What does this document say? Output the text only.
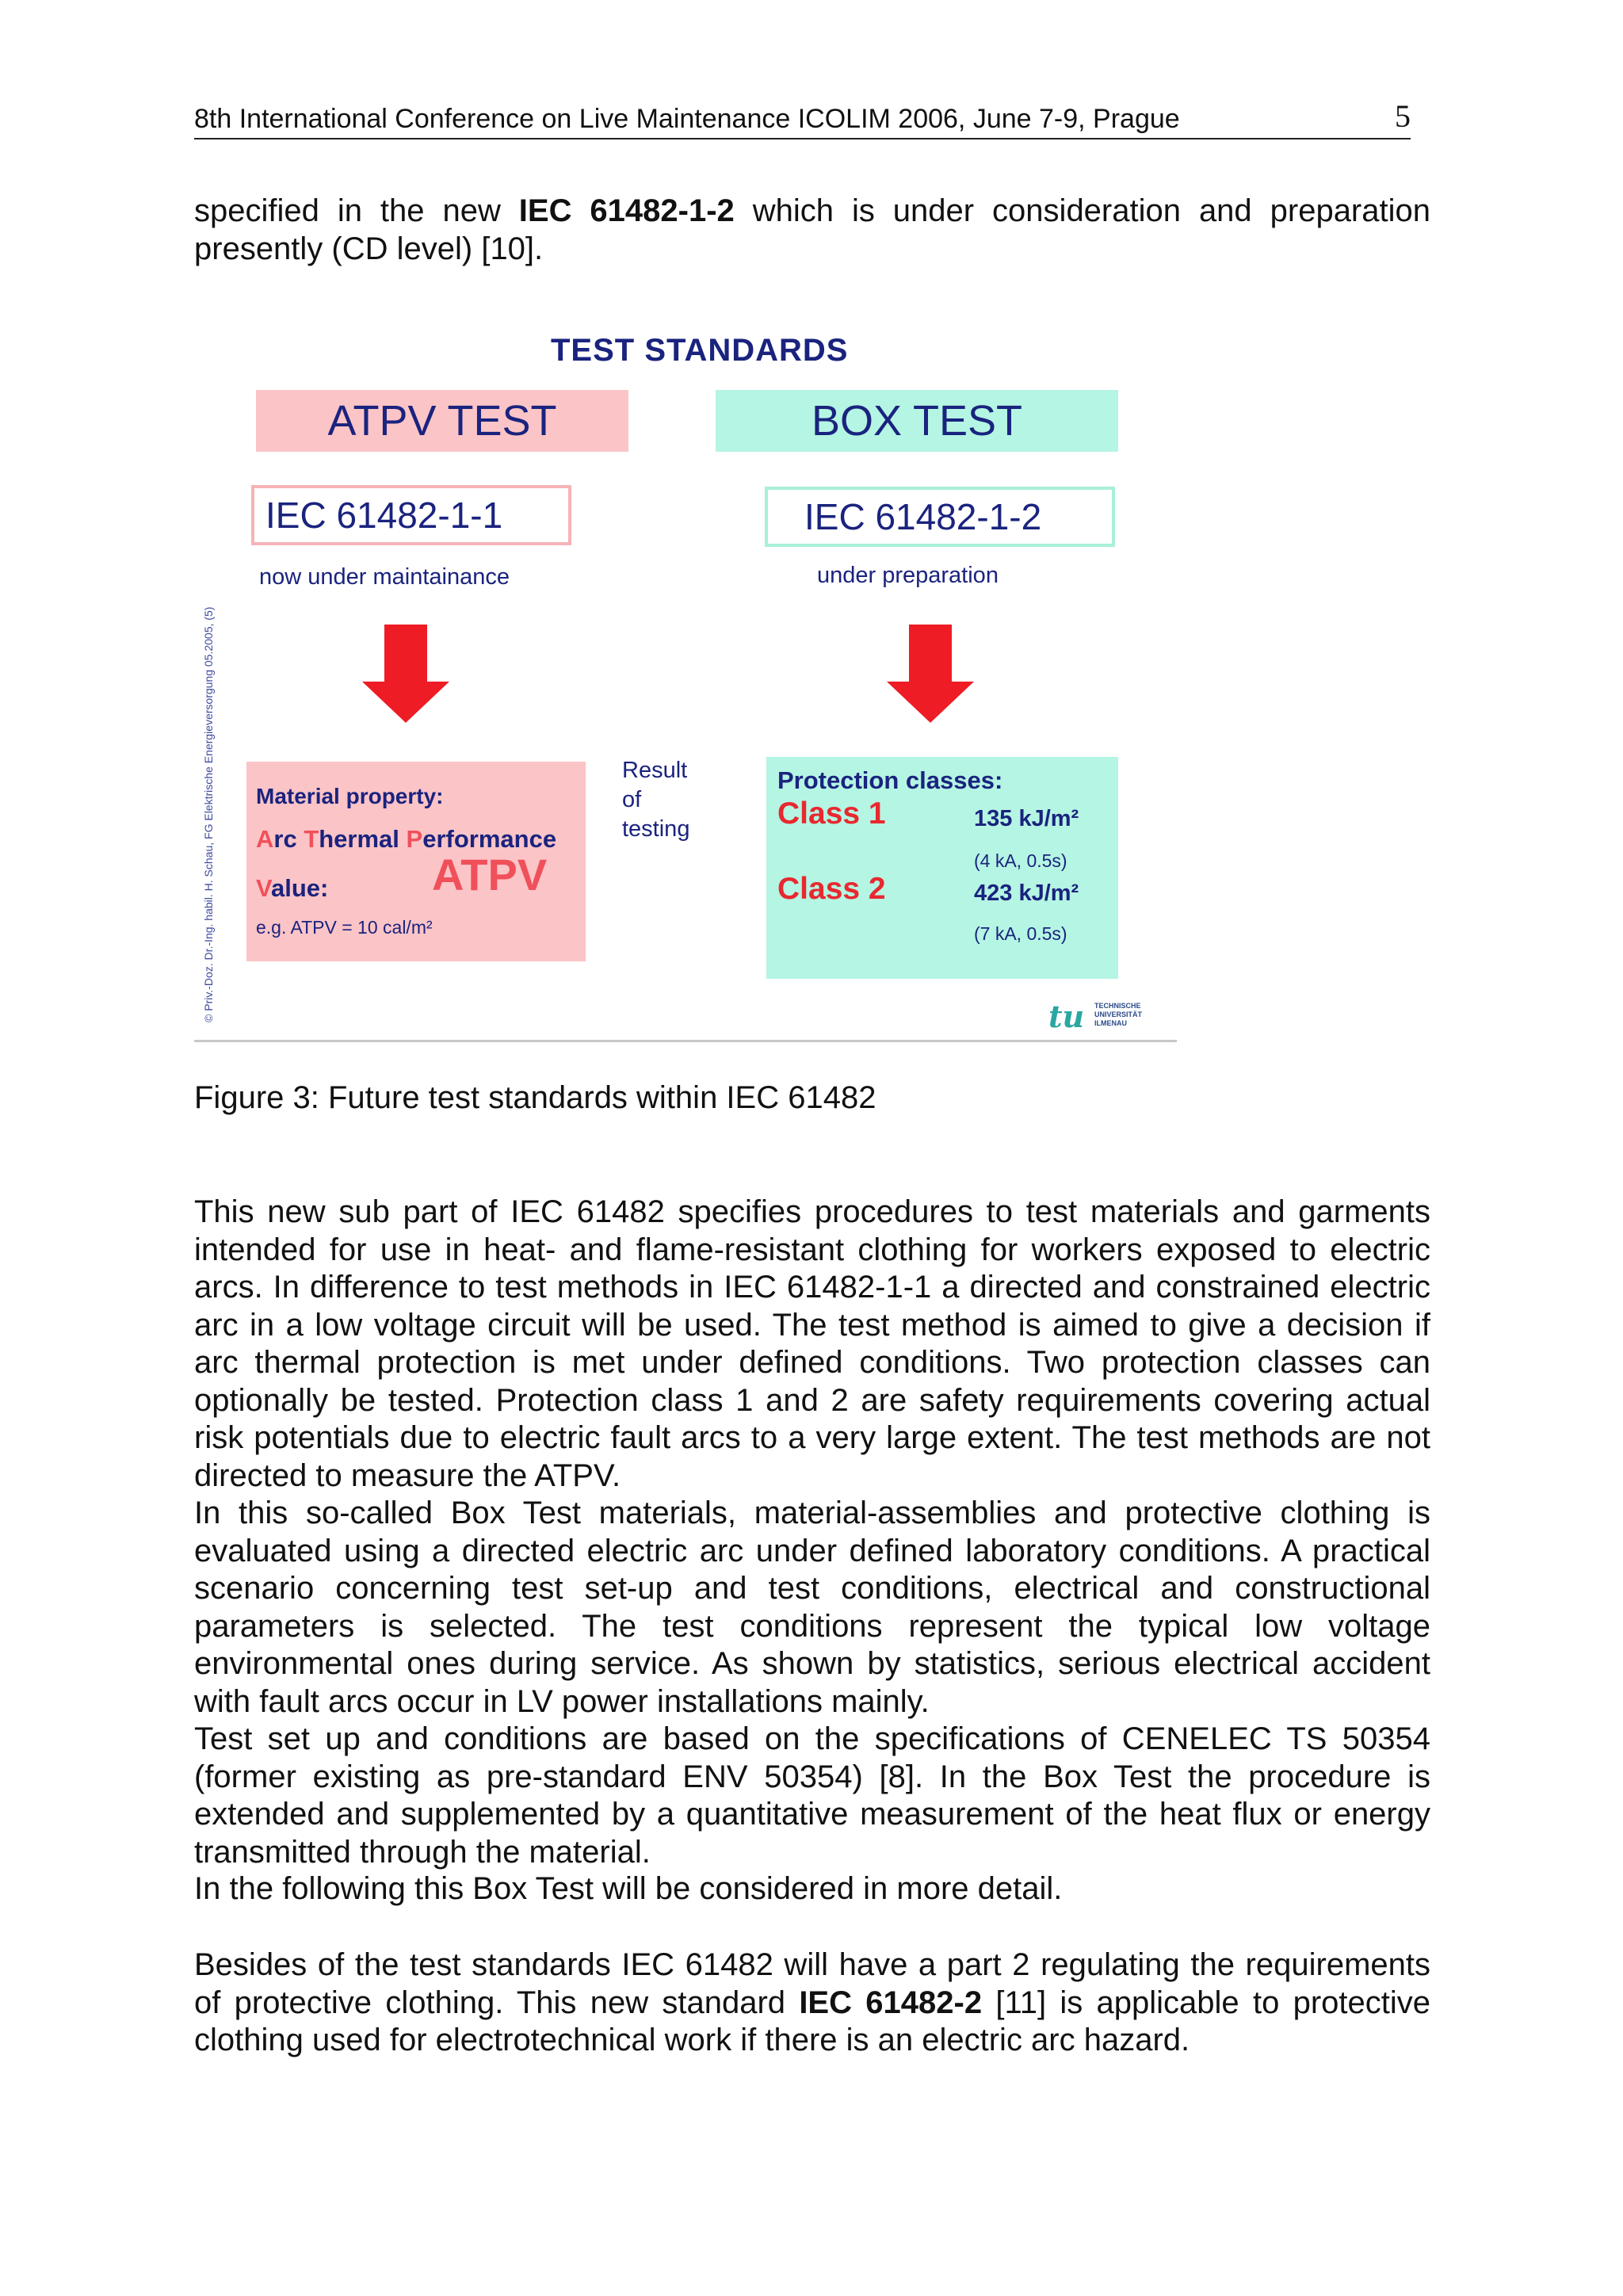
8th International Conference on Live Maintenance ICOLIM 2006, June 7-9, Prague	5
specified in the new IEC 61482-1-2 which is under consideration and preparation presently (CD level) [10].
TEST STANDARDS
ATPV TEST	BOX TEST
IEC 61482-1-1	IEC 61482-1-2
now under maintainance	under preparation
Result
of
testing
Material property:
Arc Thermal Performance
Value: ATPV
e.g. ATPV = 10 cal/m²
Protection classes:
Class 1	135 kJ/m²
(4 kA, 0.5s)
Class 2	423 kJ/m²
(7 kA, 0.5s)
© Priv.-Doz. Dr.-Ing. habil. H. Schau, FG Elektrische Energieversorgung 05.2005, (5)	tu TECHNISCHE
UNIVERSITÄT
ILMENAU
Figure 3: Future test standards within IEC 61482
This new sub part of IEC 61482 specifies procedures to test materials and garments intended for use in heat- and flame-resistant clothing for workers exposed to electric arcs. In difference to test methods in IEC 61482-1-1 a directed and constrained electric arc in a low voltage circuit will be used. The test method is aimed to give a decision if arc thermal protection is met under defined conditions. Two protection classes can optionally be tested. Protection class 1 and 2 are safety requirements covering actual risk potentials due to electric fault arcs to a very large extent. The test methods are not directed to measure the ATPV.
In this so-called Box Test materials, material-assemblies and protective clothing is evaluated using a directed electric arc under defined laboratory conditions. A practical scenario concerning test set-up and test conditions, electrical and constructional parameters is selected. The test conditions represent the typical low voltage environmental ones during service. As shown by statistics, serious electrical accident with fault arcs occur in LV power installations mainly.
Test set up and conditions are based on the specifications of CENELEC TS 50354 (former existing as pre-standard ENV 50354) [8]. In the Box Test the procedure is extended and supplemented by a quantitative measurement of the heat flux or energy transmitted through the material.
In the following this Box Test will be considered in more detail.
Besides of the test standards IEC 61482 will have a part 2 regulating the requirements of protective clothing. This new standard IEC 61482-2 [11] is applicable to protective clothing used for electrotechnical work if there is an electric arc hazard.
